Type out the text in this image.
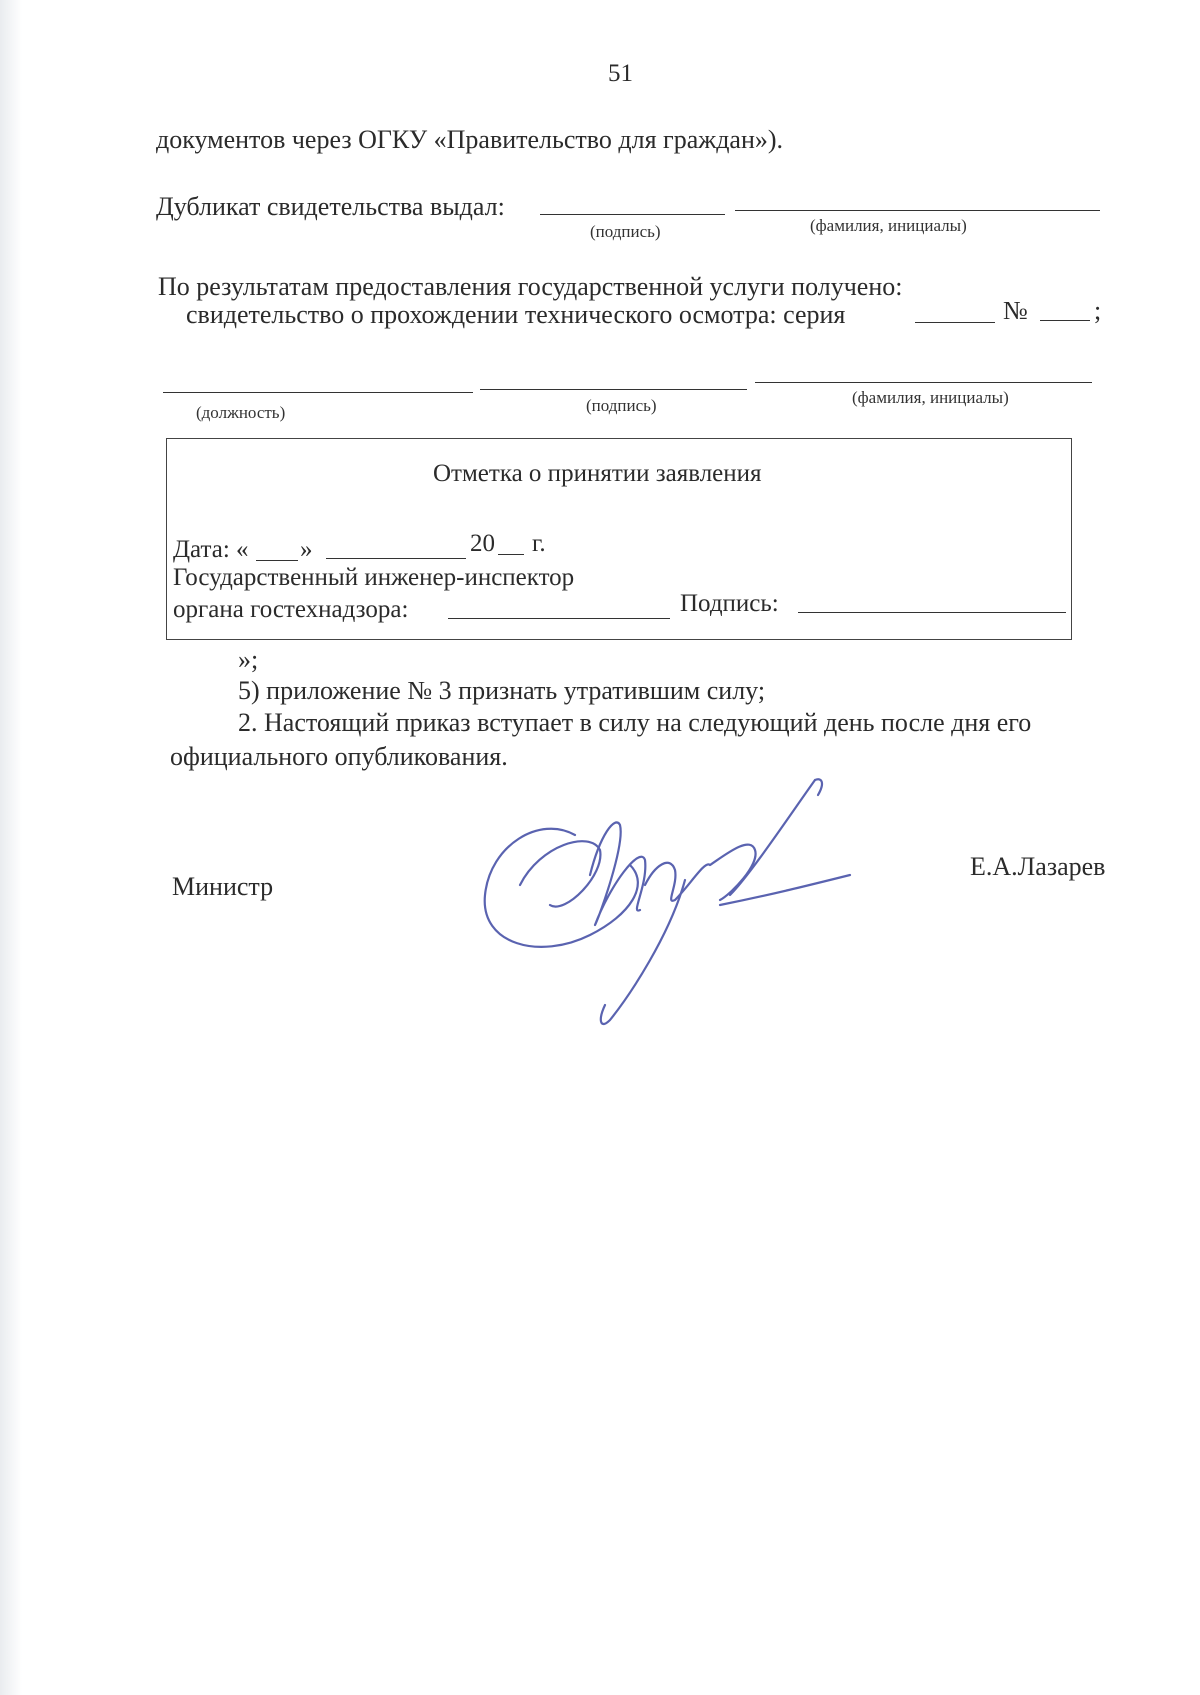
51
документов через ОГКУ «Правительство для граждан»).
Дубликат свидетельства выдал:
(подпись)	(фамилия, инициалы)
По результатам предоставления государственной услуги получено:
свидетельство о прохождении технического осмотра: серия	№	;
(должность)	(подпись)	(фамилия, инициалы)
Отметка о принятии заявления
Дата: « »	20 г.
Государственный инженер-инспектор
органа гостехнадзора:	Подпись:
»;
5) приложение № 3 признать утратившим силу;
2. Настоящий приказ вступает в силу на следующий день после дня его
официального опубликования.
Министр
Е.А.Лазарев
